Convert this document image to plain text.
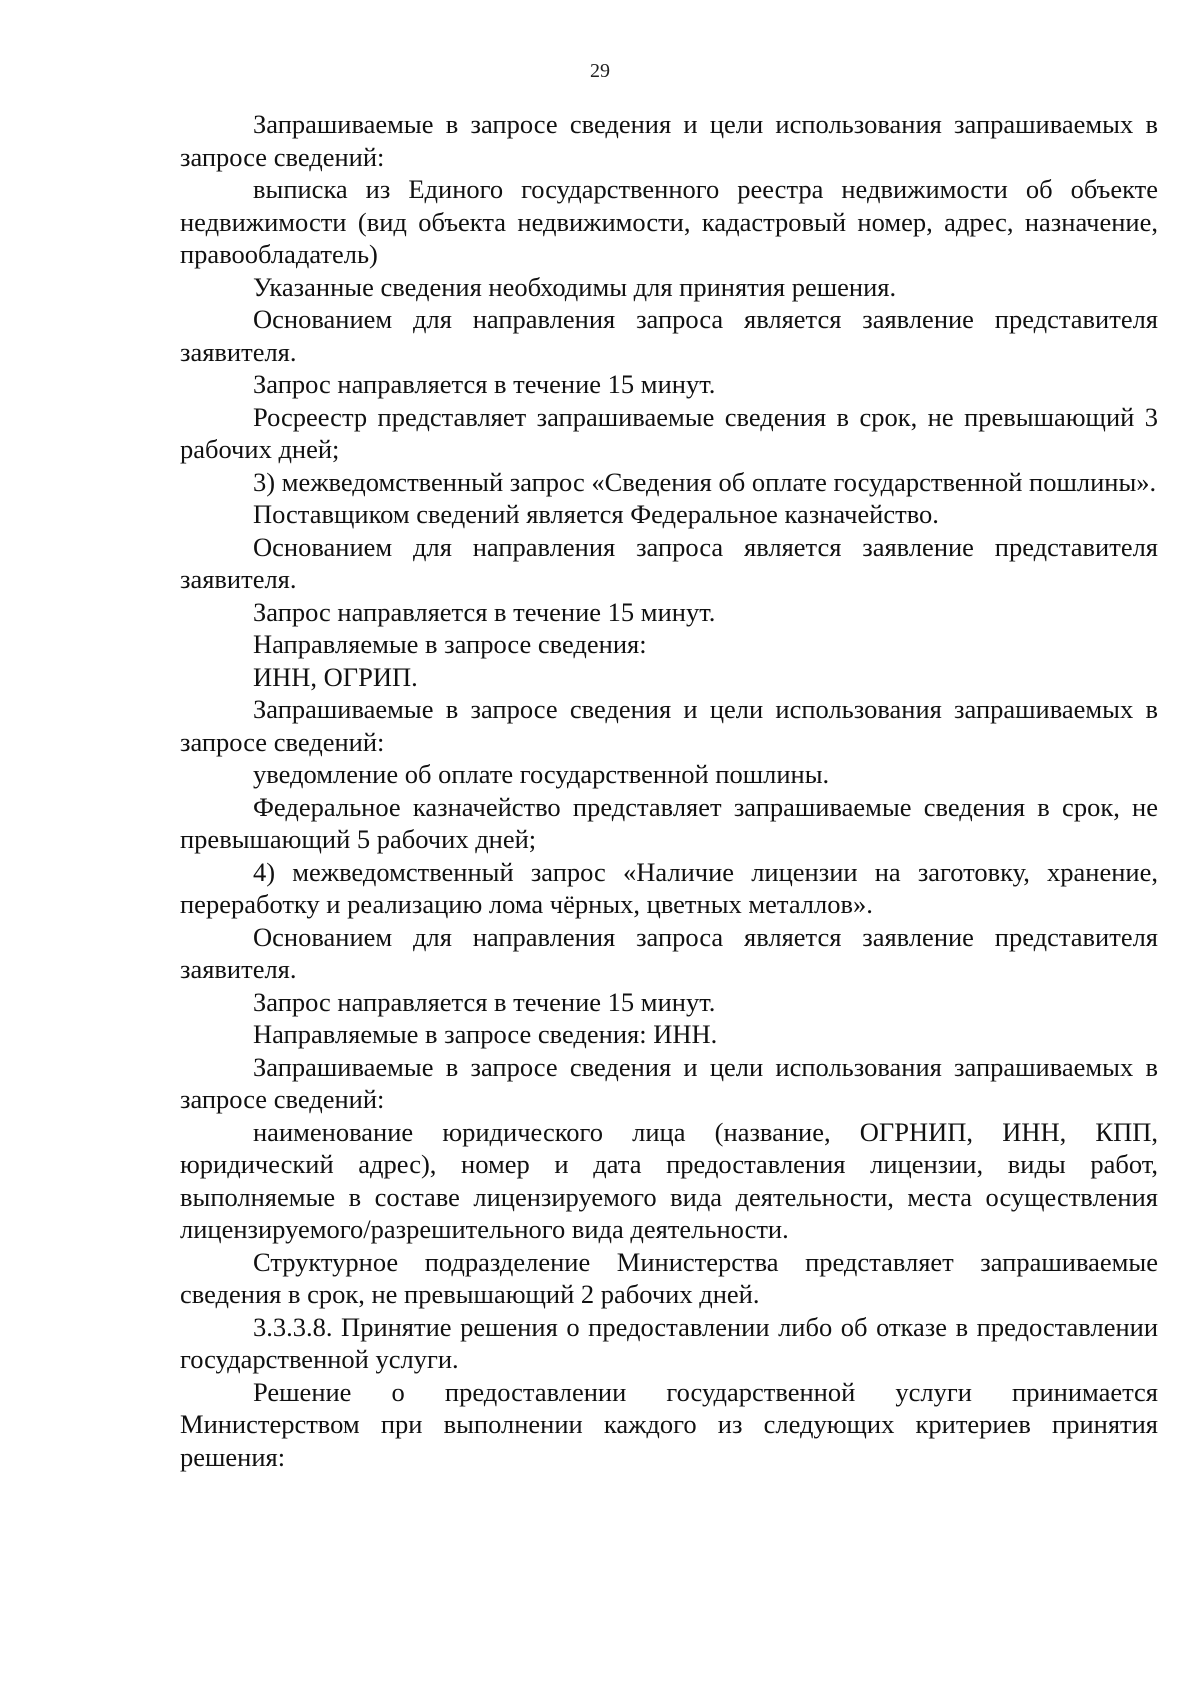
29

Запрашиваемые в запросе сведения и цели использования запрашиваемых в запросе сведений:

выписка из Единого государственного реестра недвижимости об объекте недвижимости (вид объекта недвижимости, кадастровый номер, адрес, назначение, правообладатель)

Указанные сведения необходимы для принятия решения.

Основанием для направления запроса является заявление представителя заявителя.

Запрос направляется в течение 15 минут.

Росреестр представляет запрашиваемые сведения в срок, не превышающий 3 рабочих дней;

3) межведомственный запрос «Сведения об оплате государственной пошлины».

Поставщиком сведений является Федеральное казначейство.

Основанием для направления запроса является заявление представителя заявителя.

Запрос направляется в течение 15 минут.

Направляемые в запросе сведения:

ИНН, ОГРИП.

Запрашиваемые в запросе сведения и цели использования запрашиваемых в запросе сведений:

уведомление об оплате государственной пошлины.

Федеральное казначейство представляет запрашиваемые сведения в срок, не превышающий 5 рабочих дней;

4) межведомственный запрос «Наличие лицензии на заготовку, хранение, переработку и реализацию лома чёрных, цветных металлов».

Основанием для направления запроса является заявление представителя заявителя.

Запрос направляется в течение 15 минут.

Направляемые в запросе сведения: ИНН.

Запрашиваемые в запросе сведения и цели использования запрашиваемых в запросе сведений:

наименование юридического лица (название, ОГРНИП, ИНН, КПП, юридический адрес), номер и дата предоставления лицензии, виды работ, выполняемые в составе лицензируемого вида деятельности, места осуществления лицензируемого/разрешительного вида деятельности.

Структурное подразделение Министерства представляет запрашиваемые сведения в срок, не превышающий 2 рабочих дней.

3.3.3.8. Принятие решения о предоставлении либо об отказе в предоставлении государственной услуги.

Решение о предоставлении государственной услуги принимается Министерством при выполнении каждого из следующих критериев принятия решения:
